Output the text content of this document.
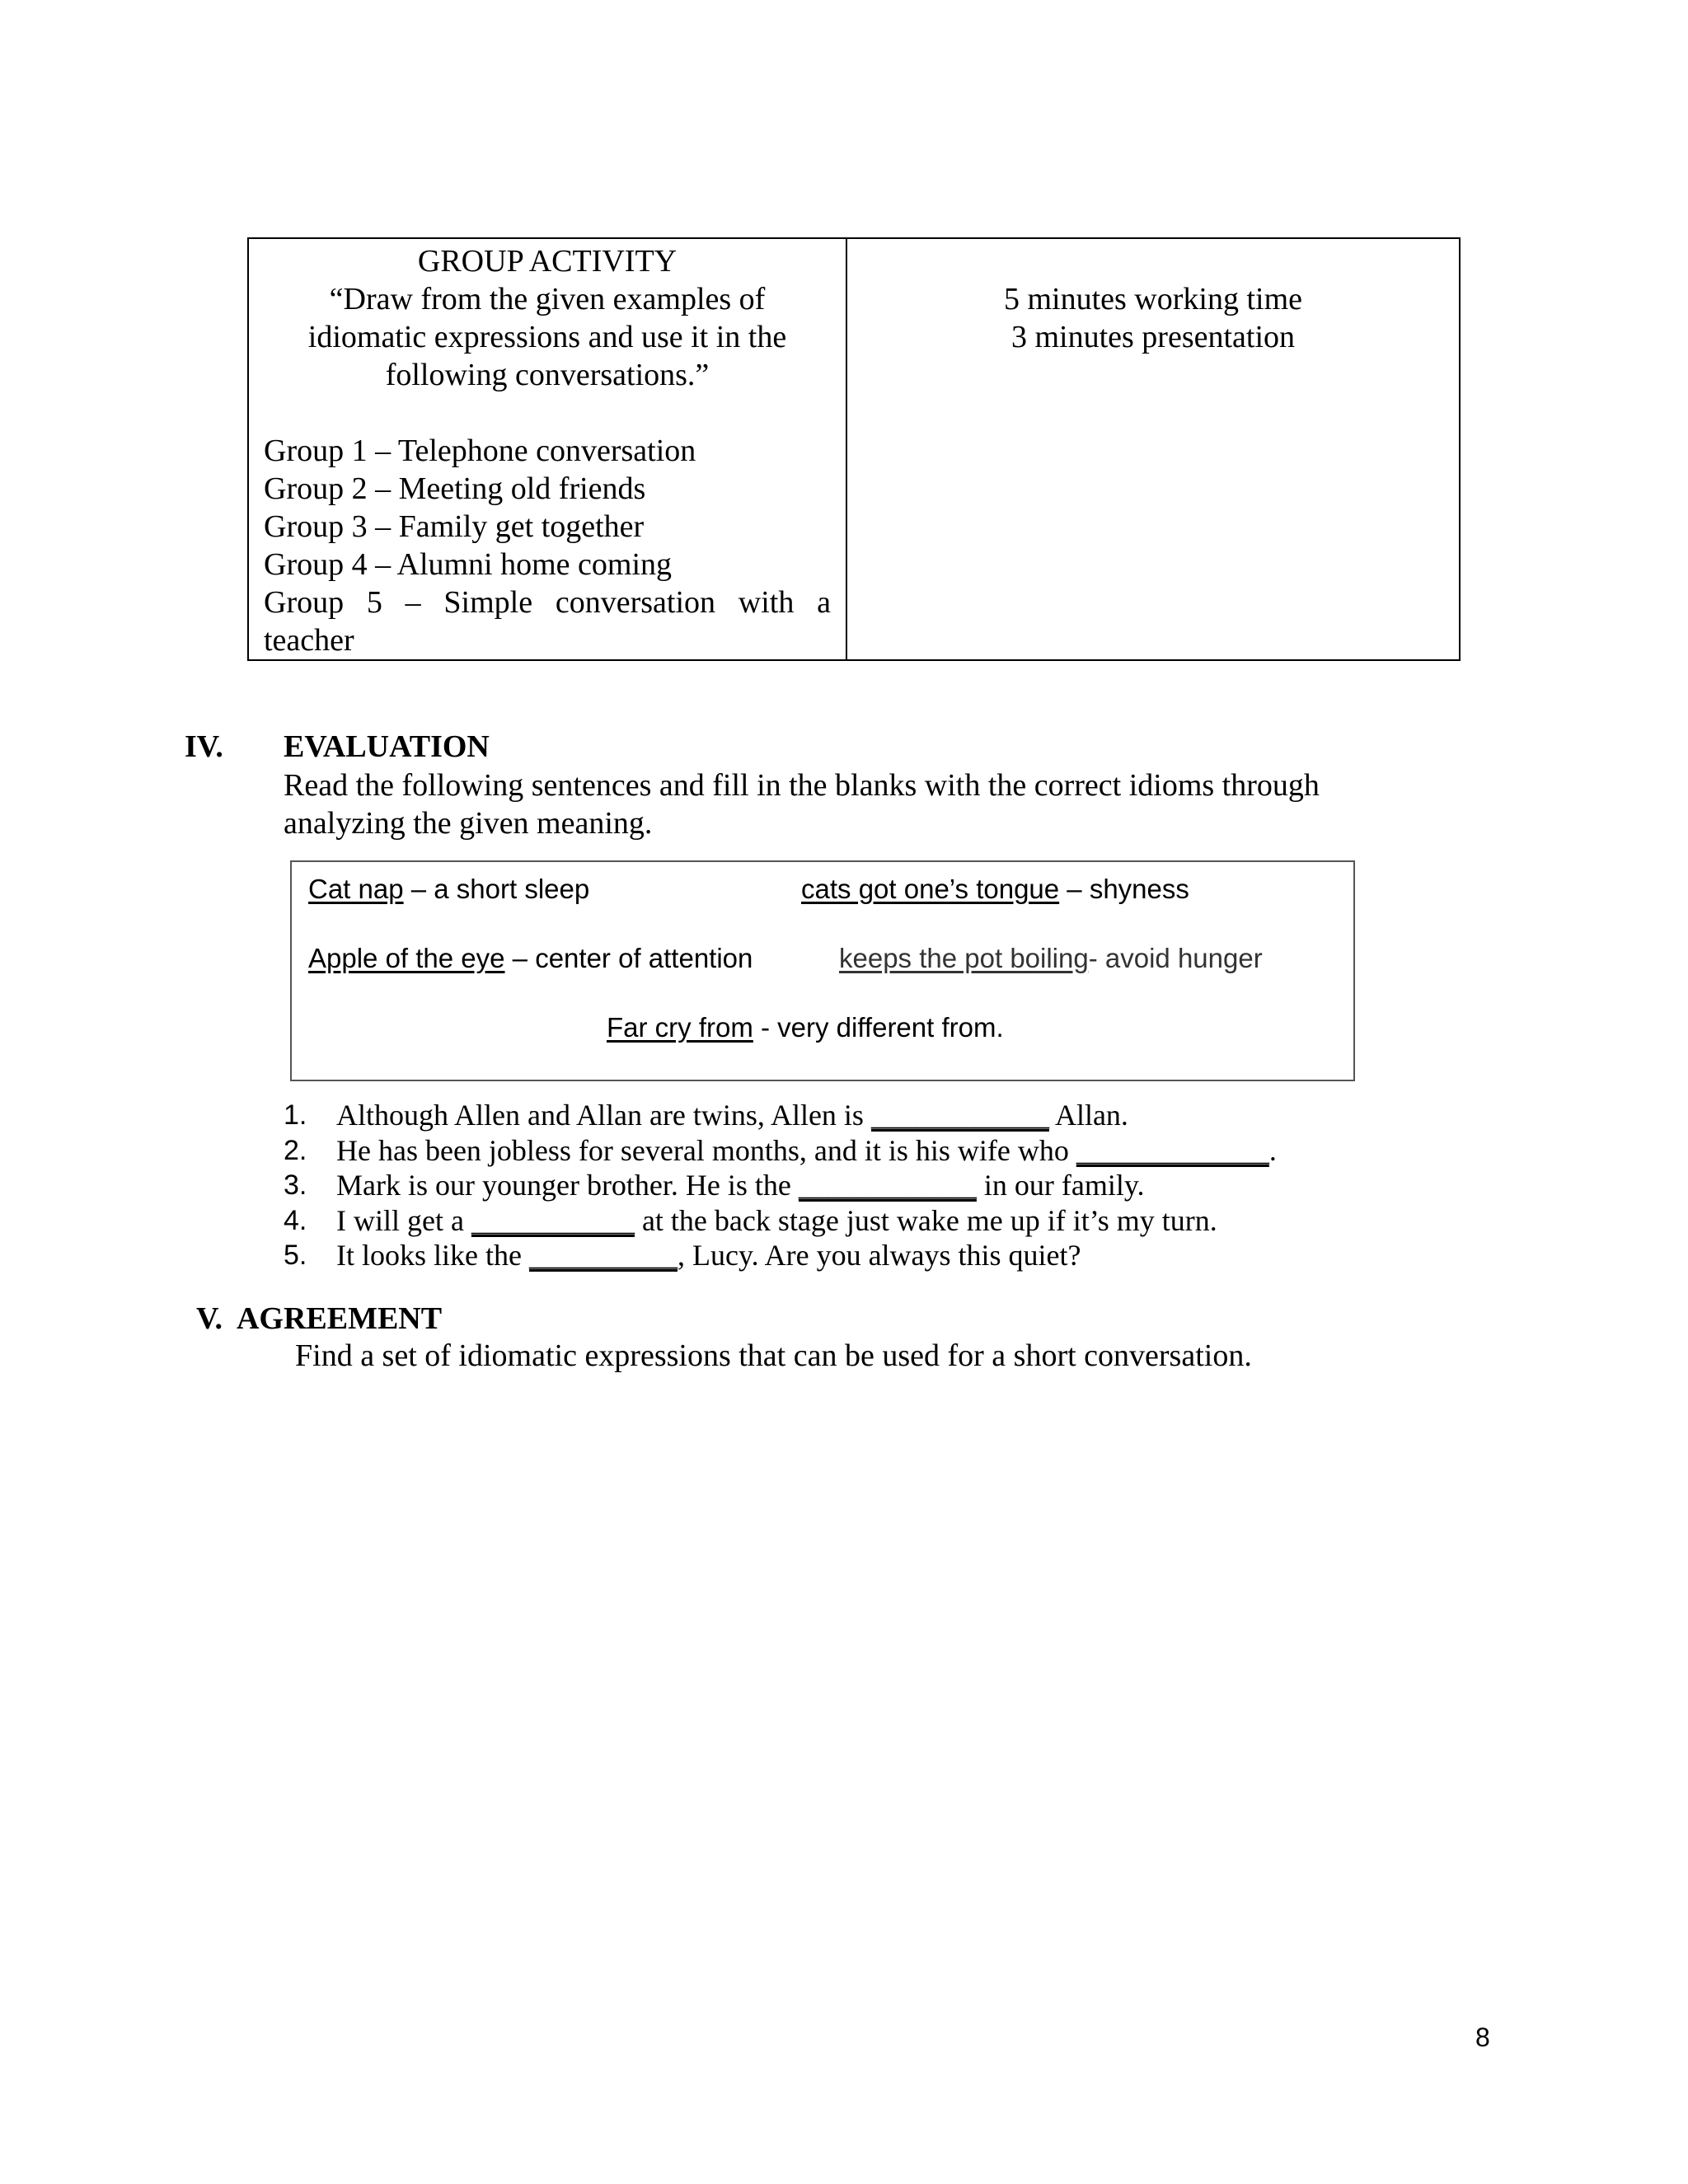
GROUP ACTIVITY
“Draw from the given examples of
idiomatic expressions and use it in the
following conversations.”
Group 1 – Telephone conversation
Group 2 – Meeting old friends
Group 3 – Family get together
Group 4 – Alumni home coming
Group 5 – Simple conversation with a
teacher
5 minutes working time
3 minutes presentation
IV. EVALUATION
Read the following sentences and fill in the blanks with the correct idioms through
analyzing the given meaning.
Cat nap – a short sleep	cats got one’s tongue – shyness
Apple of the eye – center of attention	keeps the pot boiling- avoid hunger
Far cry from - very different from.
1. Although Allen and Allan are twins, Allen is ____________ Allan.
2. He has been jobless for several months, and it is his wife who _____________ .
3. Mark is our younger brother. He is the ____________ in our family.
4. I will get a ___________ at the back stage just wake me up if it’s my turn.
5. It looks like the __________ , Lucy. Are you always this quiet?
V.  AGREEMENT
Find a set of idiomatic expressions that can be used for a short conversation.
8
